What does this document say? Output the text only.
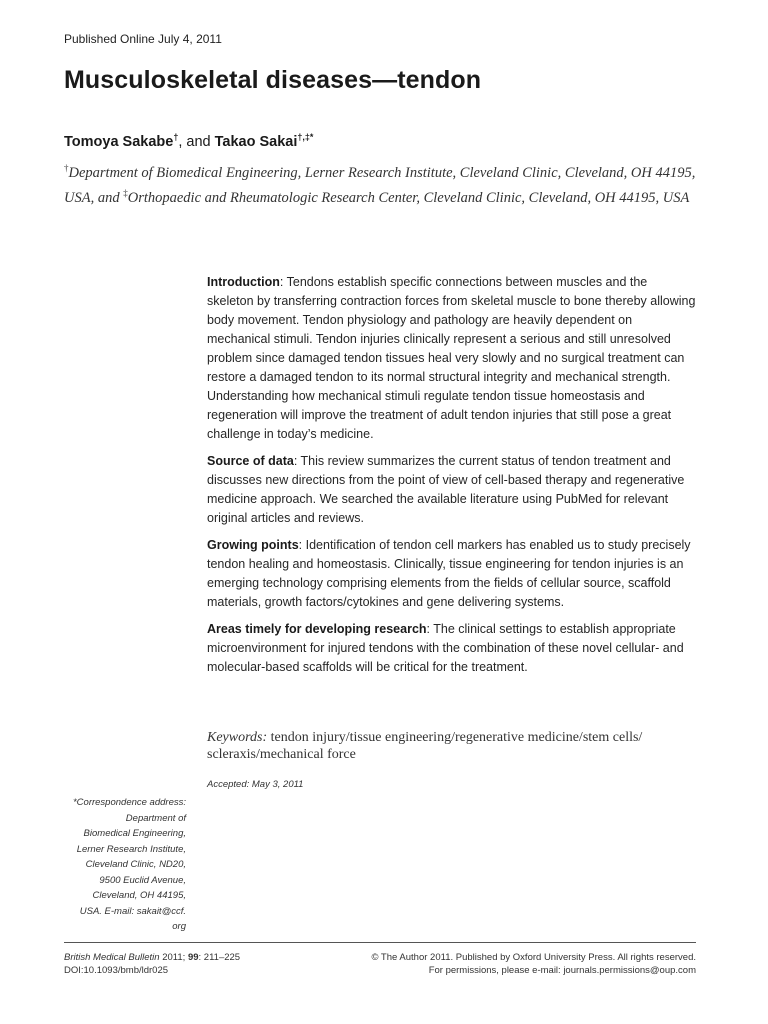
Published Online July 4, 2011
Musculoskeletal diseases—tendon
Tomoya Sakabe†, and Takao Sakai†,‡*
†Department of Biomedical Engineering, Lerner Research Institute, Cleveland Clinic, Cleveland, OH 44195, USA, and ‡Orthopaedic and Rheumatologic Research Center, Cleveland Clinic, Cleveland, OH 44195, USA

Introduction: Tendons establish specific connections between muscles and the skeleton by transferring contraction forces from skeletal muscle to bone thereby allowing body movement. Tendon physiology and pathology are heavily dependent on mechanical stimuli. Tendon injuries clinically represent a serious and still unresolved problem since damaged tendon tissues heal very slowly and no surgical treatment can restore a damaged tendon to its normal structural integrity and mechanical strength. Understanding how mechanical stimuli regulate tendon tissue homeostasis and regeneration will improve the treatment of adult tendon injuries that still pose a great challenge in today’s medicine.

Source of data: This review summarizes the current status of tendon treatment and discusses new directions from the point of view of cell-based therapy and regenerative medicine approach. We searched the available literature using PubMed for relevant original articles and reviews.

Growing points: Identification of tendon cell markers has enabled us to study precisely tendon healing and homeostasis. Clinically, tissue engineering for tendon injuries is an emerging technology comprising elements from the fields of cellular source, scaffold materials, growth factors/cytokines and gene delivering systems.

Areas timely for developing research: The clinical settings to establish appropriate microenvironment for injured tendons with the combination of these novel cellular- and molecular-based scaffolds will be critical for the treatment.

Keywords: tendon injury/tissue engineering/regenerative medicine/stem cells/ scleraxis/mechanical force
Accepted: May 3, 2011
*Correspondence address:
Department of
Biomedical Engineering,
Lerner Research Institute,
Cleveland Clinic, ND20,
9500 Euclid Avenue,
Cleveland, OH 44195,
USA. E-mail: sakait@ccf.
org
British Medical Bulletin 2011; 99: 211–225
DOI:10.1093/bmb/ldr025
© The Author 2011. Published by Oxford University Press. All rights reserved.
For permissions, please e-mail: journals.permissions@oup.com
